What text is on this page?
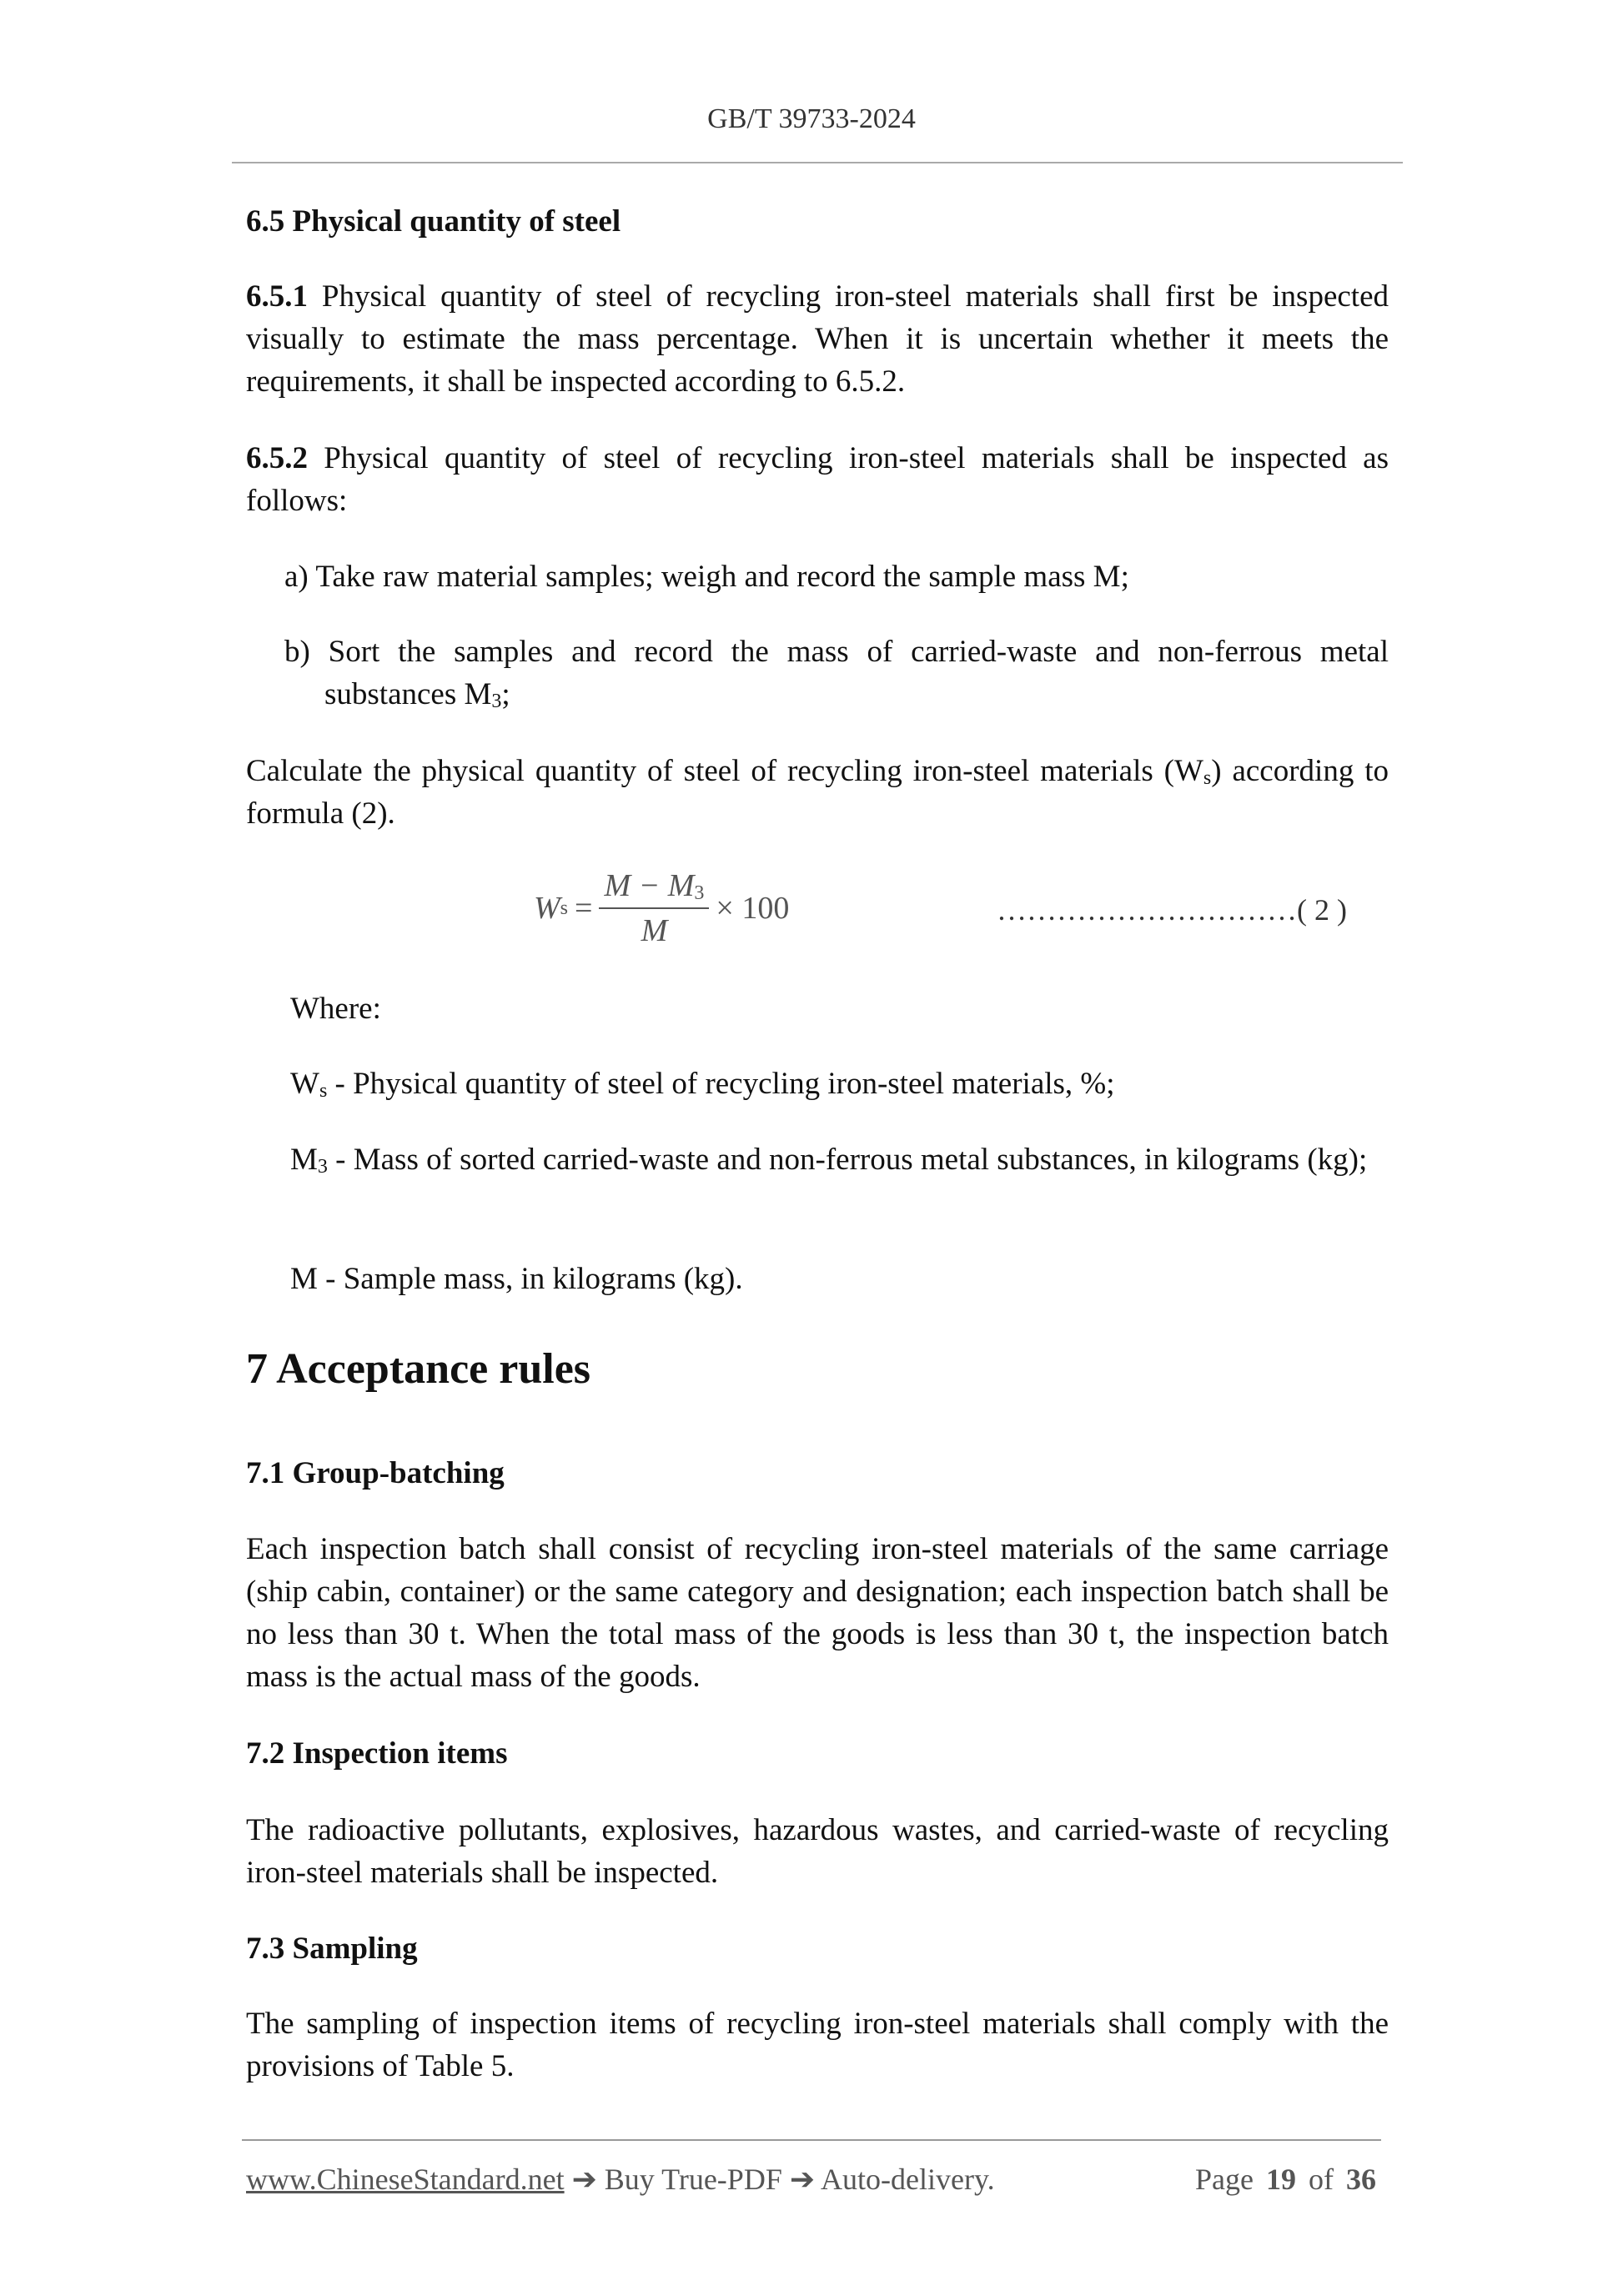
GB/T 39733-2024
6.5 Physical quantity of steel
6.5.1 Physical quantity of steel of recycling iron-steel materials shall first be inspected visually to estimate the mass percentage. When it is uncertain whether it meets the requirements, it shall be inspected according to 6.5.2.
6.5.2 Physical quantity of steel of recycling iron-steel materials shall be inspected as follows:
a) Take raw material samples; weigh and record the sample mass M;
b) Sort the samples and record the mass of carried-waste and non-ferrous metal substances $M_3$;
Calculate the physical quantity of steel of recycling iron-steel materials $(W_s)$ according to formula (2).
W $s = \frac{M - M_3}{M} \times 100$	…………………………( 2 )
Where:
$W_s$ - Physical quantity of steel of recycling iron-steel materials, %;
$M_3$ - Mass of sorted carried-waste and non-ferrous metal substances, in kilograms (kg);
M - Sample mass, in kilograms (kg).
7 Acceptance rules
7.1 Group-batching
Each inspection batch shall consist of recycling iron-steel materials of the same carriage (ship cabin, container) or the same category and designation; each inspection batch shall be no less than 30 t. When the total mass of the goods is less than 30 t, the inspection batch mass is the actual mass of the goods.
7.2 Inspection items
The radioactive pollutants, explosives, hazardous wastes, and carried-waste of recycling iron-steel materials shall be inspected.
7.3 Sampling
The sampling of inspection items of recycling iron-steel materials shall comply with the provisions of Table 5.
www.ChineseStandard.net ➔ Buy True-PDF ➔ Auto-delivery.	Page 19 of 36
